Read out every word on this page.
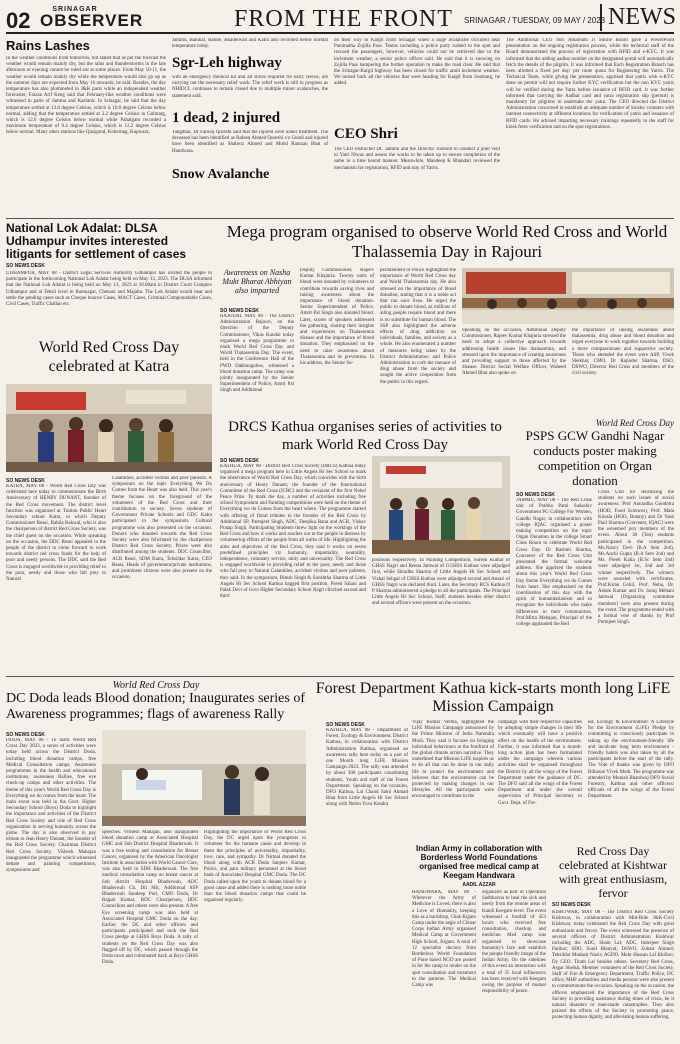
02	SRINAGAR
OBSERVER	FROM THE FRONT SRINAGAR / TUESDAY, 09 MAY / 2023 NEWS
Rains Lashes
In the weather conditions from tomorrow, but stated that as per the forecast the weather would remain mainly dry, but the rains and thunderstorms in the late afternoon or evening cannot be ruled out at some places. From May 10-11, the weather would remain mainly dry while the temperature would also go up as the summer days are expected from May 16 onwards, he said. Besides, the day temperature has also plummeted in J&K parts while an independent weather forecaster, Faizan Arif Keng said that February-like weather conditions were witnessed in parts of Jammu and Kashmir. In Srinagar, he said that the day temperature settled at 13.8 degree Celsius, which is 10.0 degree Celsius below normal, adding that the temperature settled at 2.2 degree Celsius in Gulmarg, which is 12.0 degree Celsius below normal while Pahalgam recorded a maximum temperature of 9.4 degree Celsius, which is 12.2 degree Celsius below normal. Many other stations like Qazigund, Kokernag, Kupwara,
Jammu, Banihal, Batote, Bhaderwah and Katra also recorded below normal temperature today.
Sgr-Leh highway
with an emergency medical kit and all stores required for early rescue, are carrying out the necessary relief work. The relief work is still in progress as NHIDCL continues to remain closed due to multiple minor avalanches, the statement said.
1 dead, 2 injured
Tangdhar, Dr Farooq Qureshi said that the injured were under treatment. The deceased has been identified as Rafeeq Ahmed Qureshi r/o Gundi and injured have been identified as Shabroz Ahmed and Mohd Ramzan Bhat of Handwara.
Snow Avalanche
on their way to Kargil from Srinagar when a huge avalanche occurred near Panimatha Zojilla Pass. Teams including a police party rushed to the spot and rescued the passengers, however, vehicles could not be retrieved due to the inclement weather, a senior police officer said. He said that it is snowing on Zojilla Pass hampering the further operation to make the road clear. He said that the Srinagar-Kargil highway has been closed for traffic amid inclement weather. We turned back all the vehicles that were heading for Kargil from Sonmarg, he added.
CEO Shri
The CEO instructed DC Jammu and the Director Tourism to conduct a joint visit to Yatri Niwas and assess the works to be taken up to ensure completion of the same in a time bound manner. Meanwhile, Mandeep K Bhandari reviewed the mechanism for registration, RFID and stay of Yatris.
The Additional CEO Shri Amarnath Ji Shrine Board gave a PowerPoint presentation on the ongoing registration process, while the technical staff of the Board demonstrated the process of registration with RFID and e-KYC. It was informed that the adding aadhar number on the designated portal will automatically fetch the details of the pilgrim. It was informed that Each Registration Branch has been allotted a fixed per day/ per route quota for Registering the Yatris. The Technical Team, while giving the presentation, apprised that yatris with e-KYC done on permit will not require further KYC verification but the non KYC yatris will be verified during the Yatra before issuance of RFID card. It was further informed that carrying the Aadhar card and yatra registration slip (permit) is mandatory for pilgrims to undertake the yatra. The CEO directed the District Administration concerned to establish an adequate number of kiosks/ counters with internet connectivity at different locations for verification of yatris and issuance of RFID cards. He advised imparting necessary trainings repeatedly to the staff for kiosk frees verification and on the spot registrations.
National Lok Adalat: DLSA Udhampur invites interested litigants for settlement of cases
SO NEWS DESK
UDHAMPUR, MAY 08 - District Legal Services Authority Udhampur has invited the people to participate in the forthcoming National Lok Adalat being held on May 13, 2023. The DLSA informed that the National Lok Adalat is being held on May 13, 2023 at 10.00am in District Court Complex Udhampur and at Tehsil level in Ramnagar, Chenani and Majalta. The Lok Adalat would hear and settle the pending cases such as Cheque bounce Cases, MACT Cases, Criminal Compoundable Cases, Civil Cases, Traffic Challan etc.
World Red Cross Day celebrated at Katra
SO NEWS DESK
KATRA, MAY 08 - World Red Cross Day was celebrated here today to commemorate the Birth Anniversary of HENRY DUNANT, founder of the Red Cross movement. The district level function was organized at Tuition Public Heart Secondary school Katra, in which Deputy Commissioner Reasi, Babila Rakwal, who is also the chairperson of district Red Cross Society, was the chief guest on the occasion. While speaking on the occasion, the DDC Reasi appealed to the people of the district to come forward to work towards district red cross funds for the help of poor and needy persons. The DDC said the Red Cross is engaged worldwide in providing relief to the poor, needy and those who fall prey to Natural
Calamities, accident victims and poor patients. A symposium on the topic Everything We Do Comes from the Heart was also held. This year's theme focuses on the foreground of the volunteers of the Red Cross and their contribution to society. Seven students of Government Private Schools and GDC Katra participated in the symposium. Cultural programme was also presented on the occasion. Donors who donated towards the Red Cross Society were also felicitated by the chairperson District Red Cross Society. Prizes were also distributed among the students. DDC Councillor, ACR Reasi, SDM Katra, Tehsildar Katra, CEO Reasi, Heads of government/private institutions, and prominent citizens were also present on the occasion.
Mega program organised to observe World Red Cross and World Thalassemia Day in Rajouri
Awareness on Nasha Mukt Bharat Abhiyan also imparted
SO NEWS DESK
RAJOURI, MAY 08 - The District Administration Rajouri, on the direction of the Deputy Commissioner, Vikas Kundal today organised a mega programme to mark World Red Cross Day and World Thalassemia Day. The event, held in the Conference Hall of the PWD Dakbungalow, witnessed a blood donation camp. The camp was jointly inaugurated by the Senior Superintendent of Police, Amrit Pal Singh and Additional
Deputy Commissioner, Rajeev Kumar Khajuria. Twenty units of blood were donated by volunteers to contribute towards saving lives and raising awareness about the importance of blood donation. Senior Superintendent of Police, Amrit Pal Singh also donated blood. Later, scores of speakers addressed the gathering, sharing their insights and experiences on Thalassemia disease and the importance of blood donation. They emphasised on the need to raise awareness about Thalassemia and its prevention. In his address, the Senior Su-
perintendent of Police highlighted the importance of World Red Cross day and World Thalassemia day. He also stressed on the importance of blood donation, stating that it is a noble act that can save lives. He urged the public to donate blood, as millions of ailing people require blood and there is no substitute for human blood. The SSP also highlighted the adverse effects of drug addiction on individuals, families, and society as a whole. He also enumerated a number of measures being taken by the District Administration and Police Administration to curb the menace of drug abuse from the society and sought the active cooperation from the public in this regard.
Speaking on the occasion, Additional Deputy Commissioner, Rajeev Kumar Khajuria stressed the need to adopt a collective approach towards addressing health issues like thalassemia, and stressed upon the importance of creating awareness and providing support to those affected by the disease. District Social Welfare Officer, Waheed Ahmed Bhat also spoke on
the importance of raising awareness about thalassemia, drug abuse and blood donation and urged everyone to work together towards building a more compassionate and supportive society. Those who attended the event were ASP, Vivek Shekhar, CMO, Dr Rajinder Sharma, DSO, DSWO, Director Red Cross and members of the civil society.
DRCS Kathua organises series of activities to mark World Red Cross Day
SO NEWS DESK
KATHUA, MAY 08 - District Red Cross Society (DRCS) Kathua today organised a mega program here in Little Angels Hr Sec School to mark the observance of World Red Cross Day, which coincides with the birth anniversary of Henry Dunant, the founder of the International Committee of the Red Cross (ICRC) and the recipient of the first Nobel Peace Prize. To mark the day, a number of activities including free school Symposium and Painting competitions were held on the theme of Everything we do Comes from the heart where. The programme started with offering of floral tributes to the founder of the Red Cross by Additional SP, Parmjeet Singh, ADC, Deepika Rana and ACR, Vishav Pratap Singh. Participating Students threw light on the workings of the Red Cross and how it works and reaches out to the people in distress by volunteering efforts of the people from all walks of life. Highlighting the aims and objectives of the Red Cross, they said it works on seven predefined principles viz humanity, impartiality, neutrality, independence, voluntary service, unity and universality. The Red Cross is engaged worldwide in providing relief to the poor, needy and those who fall prey to Natural Calamities, accident victims and poor patients, they said. In the symposium, Ritesh Singh & Sarishtha Sharma of Little Angels Hr Sec School Kathua bagged first position, Preeti Salani and Palak Devi of Govt Higher Secondary School Nagri clinched second and third
positions respectively. In Painting Competition, Suresh Kumar of GHSS Nagri and Reena Jamwal of GGHSS Kathua were adjudged first, while Shradha Sharma of Little Angels Hr Sec School and Vishal Sehgal of GHSS Kathua were adjudged second and Ansari of GHSS Nagri was declared third. Later, the Secretary RCS Kathua O P Sharma administered a pledge to all the participants. The Principal Little Angels Hr Sec School, Staff, students besides other district and second officers were present on the occasion.
World Red Cross Day
PSPS GCW Gandhi Nagar conducts poster making competition on Organ donation
SO NEWS DESK
JAMMU, MAY 08 - The Red Cross unit of Prabha Patni Sadashiv Government PG College For Women, Gandhi Nagar, in collaboration with college IQAC organised a poster making competition on the topic Organ Donation in the college Smart Class Room to celebrate World Red Cross Day. Dr Rashmi Sharma, Convener of the Red Cross Unit presented the formal welcome address. She apprised the students about this year's World Red Cross Day theme Everything we do Comes from heart. She emphasised on the coordination of this day with the spirit of humanitarianism and to recognize the individuals who make differences in their communities. Prof.Mitra Mahajan, Principal of the college applauded the Red
Cross Unit for sensitizing the students on such issues of social awareness. Prof Anuradha Goodotra (HOD, Food Sciences), Prof. Mala Khosla (HOD, Botany) and Dr Yash Paul Sharma (Convener, IQAC) were the esteemed jury members of the event. About 30 (Ten) students participated in the competition. Ms.Nancy Devi (B.A Sem 2nd), Ms.Anchi Gupta (B.A Sem 2nd) and Ms. Preeti Kalia (B.Sc Sem 2nd) were adjudged 1st, 2nd and 3rd winner respectively. The winners were awarded with certificates. Prof.Kiran Gohil, Prof. Neha, Dr. Ashok Kumar and Dr. Suraj Mehani Jamwal (Organizing committee members) were also present during the event. The programme ended with a formal vote of thanks by Prof Parmjeet Singh.
World Red Cross Day
DC Doda leads Blood donation; Inaugurates series of Awareness programmes; flags of awareness Rally
SO NEWS DESK
DODA, MAY 08 - To mark World Red Cross Day 2023, a series of activities were today held across the District Doda, including blood donation camps, free Medical Consultation camps, Awareness programmes in the health and educational institutions, awareness Rallies, free eye check-up camps and other activities. The theme of this year's World Red Cross Day is Everything we do comes from the heart. The main event was held in the Govt. Higher Secondary School (Boys) Doda to highlight the importance and activities of the District Red Cross Society and role of Red Cross organisation in serving humanity across the globe. The day is also observed to pay tribute to Jean Henry Dunant, the founder of the Red Cross Society. Chairman District Red Cross Society, Vishesh Mahajan inaugurated the programme which witnessed debate and painting competitions, symposiums and
speeches. Vishesh Mahajan, also inaugurated blood donation camp at Associated Hospital GMC and Sub District Hospital Bhaderwah. It was a free testing and consultation for Breast Cancer, organised by the American Oncologist Institute in association with World Cancer Care, was also held in SDH Bhaderwah. The free medical consultation camp on breast cancer at Sub district Hospital Bhaderwah, ADC Bhaderwah Ch. Dil Mir, Additional SSP Bhaderwah Sandeep Puri, CMO Doda, Dr Rajpal Kumar, BDC Chairperson, DDC Councillors and others were also present. A free Eye screening camp was also held at Associated Hospital GMC Doda on the day. Earlier, the DC and other officers and participants participated and took the Red Cross pledge at GHSS Boys Doda. A rally of students on the Red Cross Day was also flagged off by DC, which passed through the Doda town and culminated back at Boys GHSS Doda.
Highlighting the importance of World Red Cross Day, the DC urged upon the youngsters to volunteer for the humane cause and develop in them the principles of universality, impartiality, love, care, and sympathy. Dr Nirmal donated the blood along with ACR Doda Sanjeev Kumar, Police, and para military personnel at the blood bank of Associated Hospital GMC Doda. The DC Doda called upon the youth to donate blood for a good cause and added there is nothing more noble than the blood donation camps that could be organised regularly.
Forest Department Kathua kick-starts month long LiFE Mission Campaign
SO NEWS DESK
KATHUA, MAY 08 - Department of Forest, Ecology & Environment, District Kathua, in collaboration with District Administration Kathua, organised an awareness rally here today as a part of one Month long LiFE Mission Campaign-2023. The rally was attended by about 300 participants constituting students, Youth and staff of the Forest Department. Speaking on the occasion, DFO Kathua, Lal Chand Saini Ahmad Bhat from Little Angels Hr Sec School along with Nehru Yuva Kendra
Vijay Kumar Verma, highlighted the LiFE Mission Campaign announced by the Prime Minister of India Narendra Modi. They said it focuses on bringing individual behaviours at the forefront of the global climate action narrative. They underlined that Mission LiFE inspires us to do all that can be done in our daily life to protect the environment and believes that the environment can be protected by making changes in our lifestyles. All the participants were encouraged to contribute in the
campaign with their respective capacities by adopting simple changes in their life which eventually will have a positive effect on the health of the environment. Further, it was informed that a month-long action plan has been formulated under the campaign wherein various activities shall be organised throughout the District by all the wings of the Forest Department under the guidance of DC. The DFO said all the wings of the Forest Department and under the overall supervision of Principal Secretary to Govt. Dept. of For-
est, Ecology & Environment. A Lifestyle for the Environment (LiFE) Pledge by committing to consciously participate in taking up the environment-friendly life and inculcate long term environment - friendly habits was also taken by all the participants before the start of the rally. The Vote of thanks was given by DFO Billawar Vivek Modi. The programme was attended by Munish Bhardwaj DFO Social Forestry, Kathua and other officers/ officials of all the wings of the Forest Department.
Indian Army in collaboration with Borderless World Foundations organised free medical camp at Keegam Handwara
AADIL AZZAR
HANDWARA, MAY 08 - Wherever the Army of Medicine is Loved, there is also a Love of Humanity, keeping this as a backdrop, Chak Kigam Camp under the aegis of Chinar Corps Indian Army organised Medical Camp at Government High School, Kigam. A total of 12 specialist doctors from Borderless World Foundation of Pune based NGO are posted in for the camp to render on the spot consultation and treatment to the patients. The Medical Camp was
organized as part of Operation Sadbhavna to heal the sick and needy from the remote areas of Kandi Keegam-level. The event witnessed a footfall of 453 locals who received free consultation, checkup and medicine. Med camp was organised to showcase humanity's face and establish the people friendly image of the Indian Army. On the sidelines of this event an interaction with a total of 35 local influencers has been received with Keegam owing the purpose of mutual responsibility of peace.
Red Cross Day celebrated at Kishtwar with great enthusiasm, fervor
SO NEWS DESK
KISHTWAR, MAY 08 - The District Red Cross Society Kishtwar, in collaboration with Mid-Ride J&K-Civil Kishtwar, today celebrated the Red Cross Day with great enthusiasm and fervor. The event witnessed the presence of several officers of District Administration Kishtwar including the ADC, Sham Lal; ADC, Inderjeet Singh Parihar; SDO, Sunil Bhutyal; DSWO, Zubair Ahmed; Tehsildar Mudasir Nazir; AGDO, Mehr Hassan Lal Khilloo; Dy CEO, Tirath Lal besides others. Secretary Red Cross, Asgar Sheikh, Member volunteers of the Red Cross Society, Staff of Fire & Emergency Department, Traffic Police, DC office, MHF authorities and media persons were also present to commemorate the occasion. Speaking on the occasion, the officers emphasized the importance of the Red Cross Society in providing assistance during times of crisis, be it natural disasters or man-made catastrophes. They also praised the efforts of the Society in promoting peace, protecting human dignity, and alleviating human suffering.
